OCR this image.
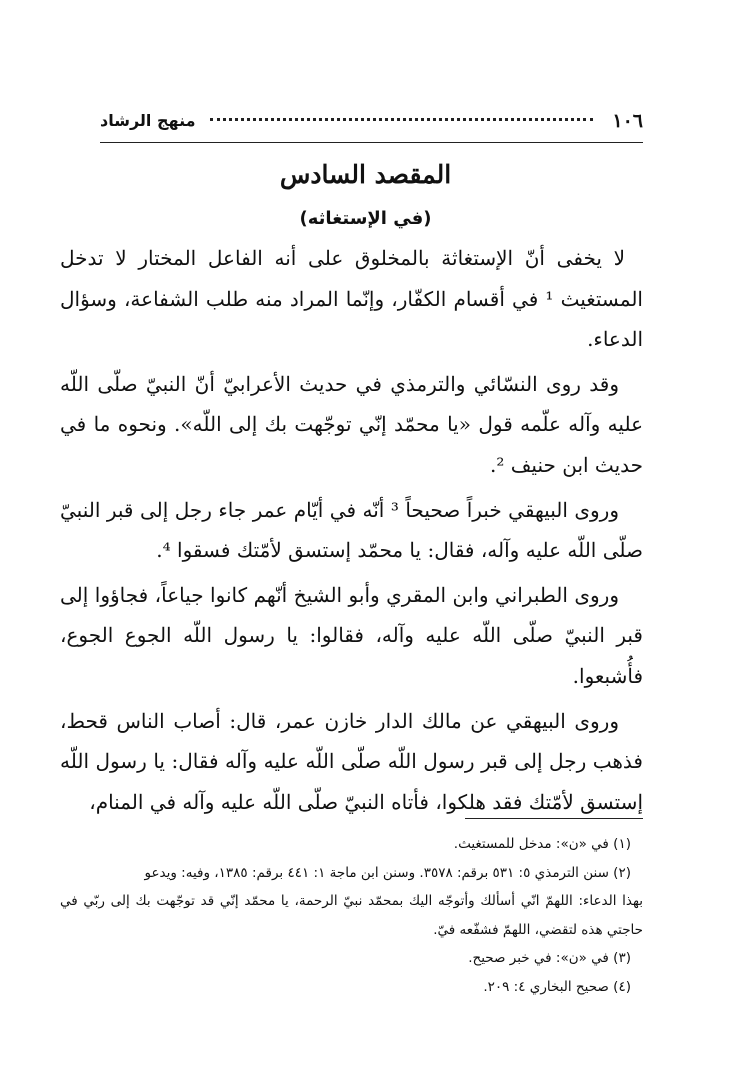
١٠٦
منهج الرشاد
المقصد السادس
(في الإستغاثه)

لا يخفى أنّ الإستغاثة بالمخلوق على أنه الفاعل المختار لا تدخل المستغيث ¹ في أقسام الكفّار، وإنّما المراد منه طلب الشفاعة، وسؤال الدعاء.

وقد روى النسّائي والترمذي في حديث الأعرابيّ أنّ النبيّ صلّى اللّه عليه وآله علّمه قول «يا محمّد إنّي توجّهت بك إلى اللّه». ونحوه ما في حديث ابن حنيف ².

وروى البيهقي خبراً صحيحاً ³ أنّه في أيّام عمر جاء رجل إلى قبر النبيّ صلّى اللّه عليه وآله، فقال: يا محمّد إستسق لأمّتك فسقوا ⁴.

وروى الطبراني وابن المقري وأبو الشيخ أنّهم كانوا جياعاً، فجاؤوا إلى قبر النبيّ صلّى اللّه عليه وآله، فقالوا: يا رسول اللّه الجوع الجوع، فأُشبعوا.

وروى البيهقي عن مالك الدار خازن عمر، قال: أصاب الناس قحط، فذهب رجل إلى قبر رسول اللّه صلّى اللّه عليه وآله فقال: يا رسول اللّه إستسق لأمّتك فقد هلكوا، فأتاه النبيّ صلّى اللّه عليه وآله في المنام،

(١) في «ن»: مدخل للمستغيث.

(٢) سنن الترمذي ٥: ٥٣١ برقم: ٣٥٧٨. وسنن ابن ماجة ١: ٤٤١ برقم: ١٣٨٥، وفيه: ويدعو

بهذا الدعاء: اللهمّ انّي أسألك وأتوجّه اليك بمحمّد نبيّ الرحمة، يا محمّد إنّي قد توجّهت بك إلى ربّي في حاجتي هذه لتقضي، اللهمّ فشفّعه فيّ.

(٣) في «ن»: في خبر صحيح.

(٤) صحيح البخاري ٤: ٢٠٩.
